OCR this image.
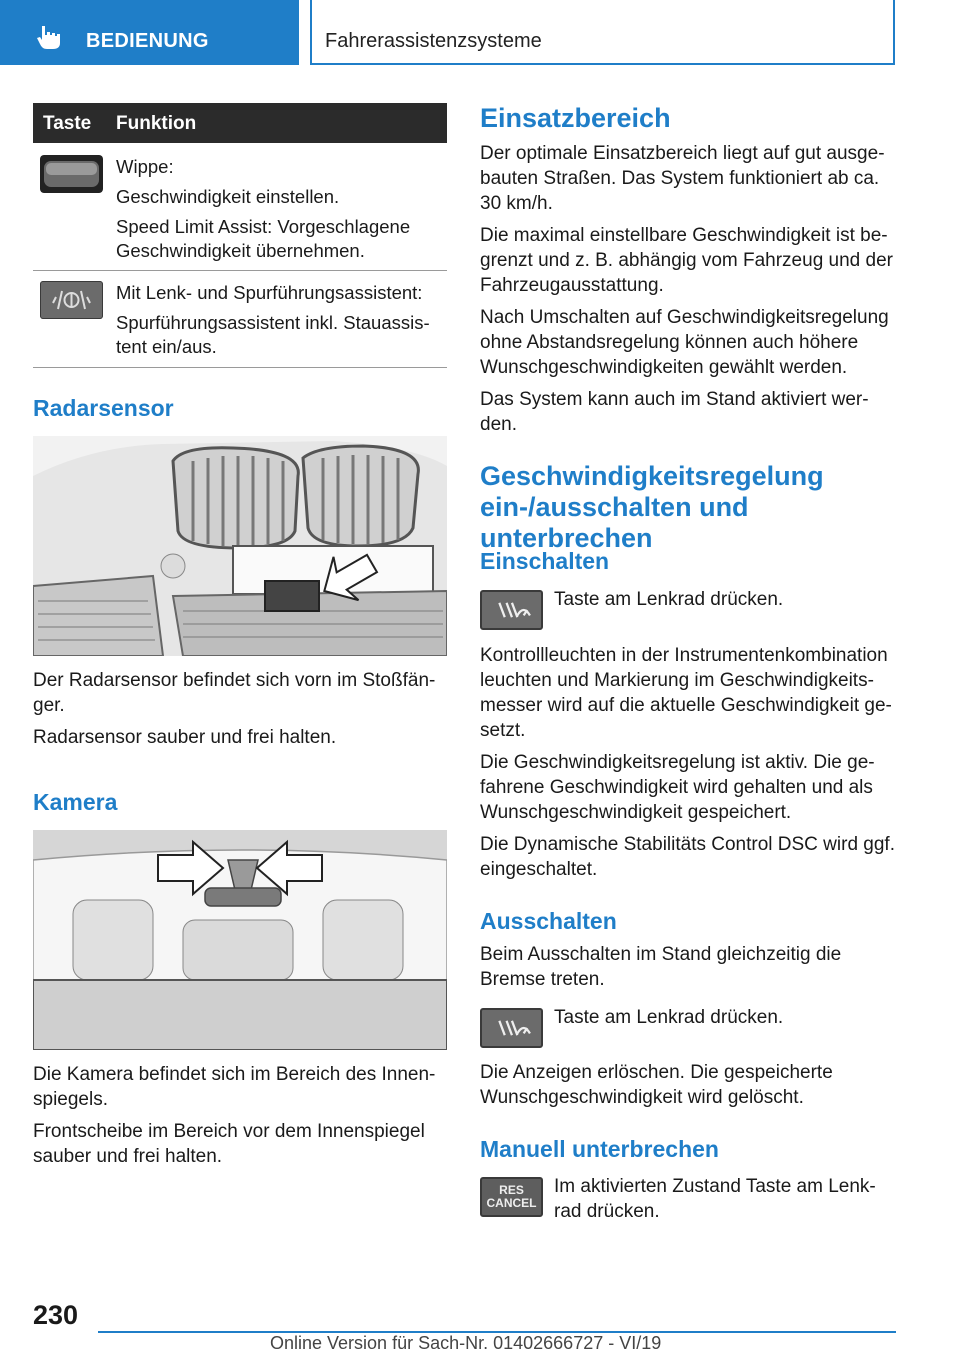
BEDIENUNG	Fahrerassistenzsysteme
Taste Funktion

Wippe:

Geschwindigkeit einstellen.

Speed Limit Assist: Vorgeschlagene Geschwindigkeit übernehmen.

Mit Lenk- und Spurführungsassistent:

Spurführungsassistent inkl. Stauassistent ein/aus.

Radarsensor

Der Radarsensor befindet sich vorn im Stoßfänger.

Radarsensor sauber und frei halten.

Kamera

Die Kamera befindet sich im Bereich des Innenspiegels.

Frontscheibe im Bereich vor dem Innenspiegel sauber und frei halten.

Einsatzbereich

Der optimale Einsatzbereich liegt auf gut ausgebauten Straßen. Das System funktioniert ab ca. 30 km/h.

Die maximal einstellbare Geschwindigkeit ist begrenzt und z. B. abhängig vom Fahrzeug und der Fahrzeugausstattung.

Nach Umschalten auf Geschwindigkeitsregelung ohne Abstandsregelung können auch höhere Wunschgeschwindigkeiten gewählt werden.

Das System kann auch im Stand aktiviert werden.

Geschwindigkeitsregelung ein-/ausschalten und unterbrechen
Einschalten
Taste am Lenkrad drücken.

Kontrollleuchten in der Instrumentenkombination leuchten und Markierung im Geschwindigkeitsmesser wird auf die aktuelle Geschwindigkeit gesetzt.

Die Geschwindigkeitsregelung ist aktiv. Die gefahrene Geschwindigkeit wird gehalten und als Wunschgeschwindigkeit gespeichert.

Die Dynamische Stabilitäts Control DSC wird ggf. eingeschaltet.

Ausschalten
Beim Ausschalten im Stand gleichzeitig die Bremse treten.
Taste am Lenkrad drücken.
Die Anzeigen erlöschen. Die gespeicherte Wunschgeschwindigkeit wird gelöscht.
Manuell unterbrechen
RES
CANCEL
Im aktivierten Zustand Taste am Lenkrad drücken.
230
Online Version für Sach-Nr. 01402666727 - VI/19
